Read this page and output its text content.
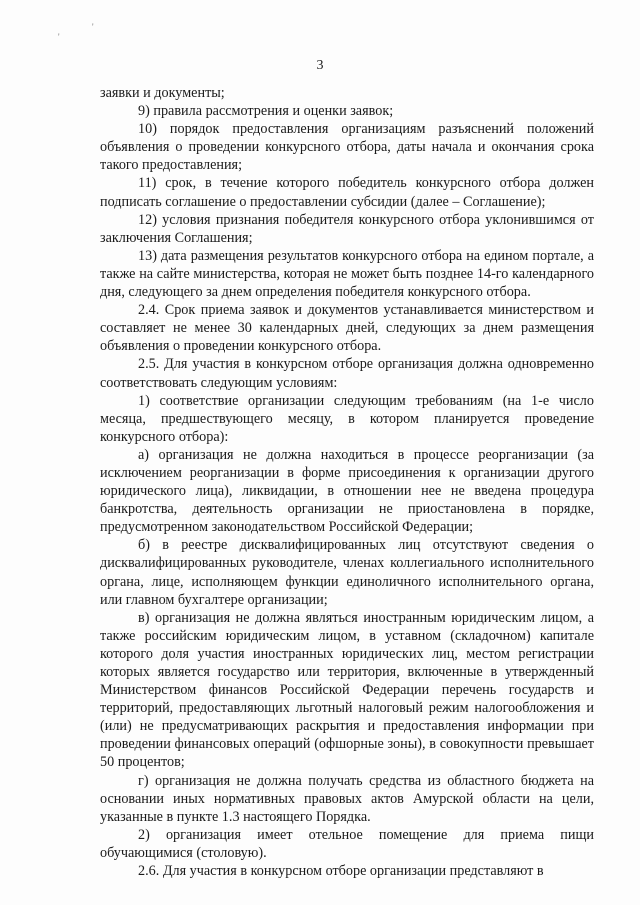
'
'
3

заявки и документы;

9) правила рассмотрения и оценки заявок;

10) порядок предоставления организациям разъяснений положений объявления о проведении конкурсного отбора, даты начала и окончания срока такого предоставления;

11) срок, в течение которого победитель конкурсного отбора должен подписать соглашение о предоставлении субсидии (далее – Соглашение);

12) условия признания победителя конкурсного отбора уклонившимся от заключения Соглашения;

13) дата размещения результатов конкурсного отбора на едином портале, а также на сайте министерства, которая не может быть позднее 14-го календарного дня, следующего за днем определения победителя конкурсного отбора.

2.4. Срок приема заявок и документов устанавливается министерством и составляет не менее 30 календарных дней, следующих за днем размещения объявления о проведении конкурсного отбора.

2.5. Для участия в конкурсном отборе организация должна одновременно соответствовать следующим условиям:

1) соответствие организации следующим требованиям (на 1-е число месяца, предшествующего месяцу, в котором планируется проведение конкурсного отбора):

а) организация не должна находиться в процессе реорганизации (за исключением реорганизации в форме присоединения к организации другого юридического лица), ликвидации, в отношении нее не введена процедура банкротства, деятельность организации не приостановлена в порядке, предусмотренном законодательством Российской Федерации;

б) в реестре дисквалифицированных лиц отсутствуют сведения о дисквалифицированных руководителе, членах коллегиального исполнительного органа, лице, исполняющем функции единоличного исполнительного органа, или главном бухгалтере организации;

в) организация не должна являться иностранным юридическим лицом, а также российским юридическим лицом, в уставном (складочном) капитале которого доля участия иностранных юридических лиц, местом регистрации которых является государство или территория, включенные в утвержденный Министерством финансов Российской Федерации перечень государств и территорий, предоставляющих льготный налоговый режим налогообложения и (или) не предусматривающих раскрытия и предоставления информации при проведении финансовых операций (офшорные зоны), в совокупности превышает 50 процентов;

г) организация не должна получать средства из областного бюджета на основании иных нормативных правовых актов Амурской области на цели, указанные в пункте 1.3 настоящего Порядка.

2) организация имеет отельное помещение для приема пищи обучающимися (столовую).

2.6. Для участия в конкурсном отборе организации представляют в
